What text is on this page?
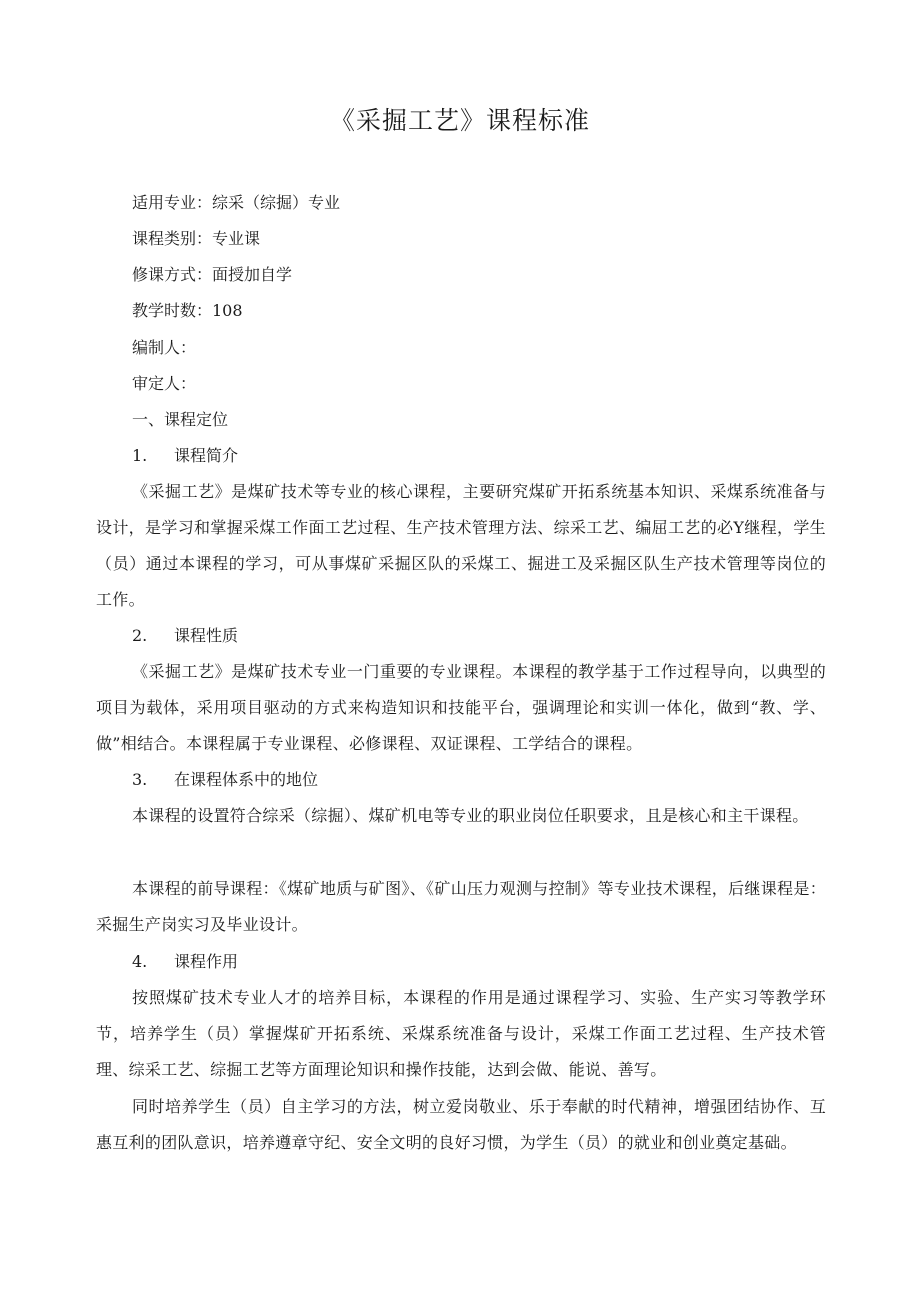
《采掘工艺》课程标准

适用专业：综采（综掘）专业

课程类别：专业课

修课方式：面授加自学

教学时数：108

编制人：

审定人：

一、课程定位

1. 课程简介

《采掘工艺》是煤矿技术等专业的核心课程，主要研究煤矿开拓系统基本知识、采煤系统准备与设计，是学习和掌握采煤工作面工艺过程、生产技术管理方法、综采工艺、编屈工艺的必Y继程，学生（员）通过本课程的学习，可从事煤矿采掘区队的采煤工、掘进工及采掘区队生产技术管理等岗位的工作。

2. 课程性质

《采掘工艺》是煤矿技术专业一门重要的专业课程。本课程的教学基于工作过程导向，以典型的项目为载体，采用项目驱动的方式来构造知识和技能平台，强调理论和实训一体化，做到“教、学、做”相结合。本课程属于专业课程、必修课程、双证课程、工学结合的课程。

3. 在课程体系中的地位

本课程的设置符合综采（综掘）、煤矿机电等专业的职业岗位任职要求，且是核心和主干课程。

本课程的前导课程：《煤矿地质与矿图》、《矿山压力观测与控制》等专业技术课程，后继课程是：采掘生产岗实习及毕业设计。

4. 课程作用

按照煤矿技术专业人才的培养目标，本课程的作用是通过课程学习、实验、生产实习等教学环节，培养学生（员）掌握煤矿开拓系统、采煤系统准备与设计，采煤工作面工艺过程、生产技术管理、综采工艺、综掘工艺等方面理论知识和操作技能，达到会做、能说、善写。

同时培养学生（员）自主学习的方法，树立爱岗敬业、乐于奉献的时代精神，增强团结协作、互惠互利的团队意识，培养遵章守纪、安全文明的良好习惯，为学生（员）的就业和创业奠定基础。
